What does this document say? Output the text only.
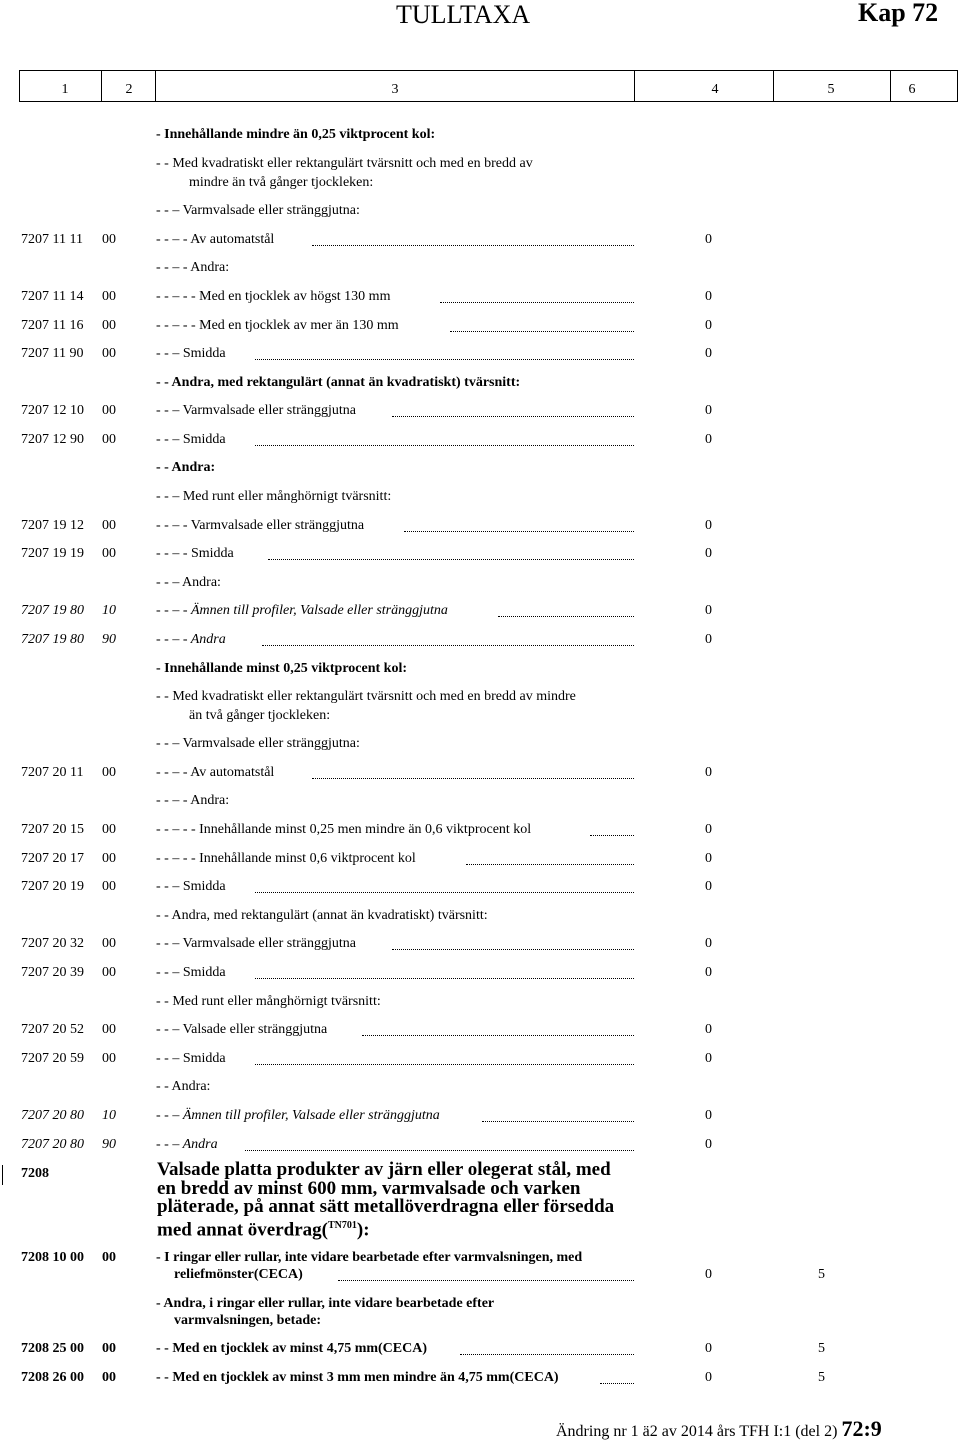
TULLTAXA	Kap 72
1	2	3	4	5	6
- Innehållande mindre än 0,25 viktprocent kol:
- - Med kvadratiskt eller rektangulärt tvärsnitt och med en bredd av
mindre än två gånger tjockleken:
- - – Varmvalsade eller stränggjutna:
7207 11 11 00	- - – - Av automatstål	0
- - – - Andra:
7207 11 14 00	- - – - - Med en tjocklek av högst 130 mm	0
7207 11 16 00	- - – - - Med en tjocklek av mer än 130 mm	0
7207 11 90 00	- - – Smidda	0
- - Andra, med rektangulärt (annat än kvadratiskt) tvärsnitt:
7207 12 10 00	- - – Varmvalsade eller stränggjutna	0
7207 12 90 00	- - – Smidda	0
- - Andra:
- - – Med runt eller månghörnigt tvärsnitt:
7207 19 12 00	- - – - Varmvalsade eller stränggjutna	0
7207 19 19 00	- - – - Smidda	0
- - – Andra:
7207 19 80 10	- - – - Ämnen till profiler, Valsade eller stränggjutna	0
7207 19 80 90	- - – - Andra	0
- Innehållande minst 0,25 viktprocent kol:
- - Med kvadratiskt eller rektangulärt tvärsnitt och med en bredd av mindre
än två gånger tjockleken:
- - – Varmvalsade eller stränggjutna:
7207 20 11 00	- - – - Av automatstål	0
- - – - Andra:
7207 20 15 00	- - – - - Innehållande minst 0,25 men mindre än 0,6 viktprocent kol	0
7207 20 17 00	- - – - - Innehållande minst 0,6 viktprocent kol	0
7207 20 19 00	- - – Smidda	0
- - Andra, med rektangulärt (annat än kvadratiskt) tvärsnitt:
7207 20 32 00	- - – Varmvalsade eller stränggjutna	0
7207 20 39 00	- - – Smidda	0
- - Med runt eller månghörnigt tvärsnitt:
7207 20 52 00	- - – Valsade eller stränggjutna	0
7207 20 59 00	- - – Smidda	0
- - Andra:
7207 20 80 10	- - – Ämnen till profiler, Valsade eller stränggjutna	0
7207 20 80 90	- - – Andra	0
7208	Valsade platta produkter av järn eller olegerat stål, med
en bredd av minst 600 mm, varmvalsade och varken
pläterade, på annat sätt metallöverdragna eller försedda
med annat överdrag($^{TN701}$):
7208 10 00 00	- I ringar eller rullar, inte vidare bearbetade efter varmvalsningen, med
reliefmönster(CECA)	0	5
- Andra, i ringar eller rullar, inte vidare bearbetade efter
varmvalsningen, betade:
7208 25 00 00	- - Med en tjocklek av minst 4,75 mm(CECA)	0	5
7208 26 00 00	- - Med en tjocklek av minst 3 mm men mindre än 4,75 mm(CECA)	0	5
Ändring nr 1 ä2 av 2014 års TFH I:1 (del 2) 72:9
